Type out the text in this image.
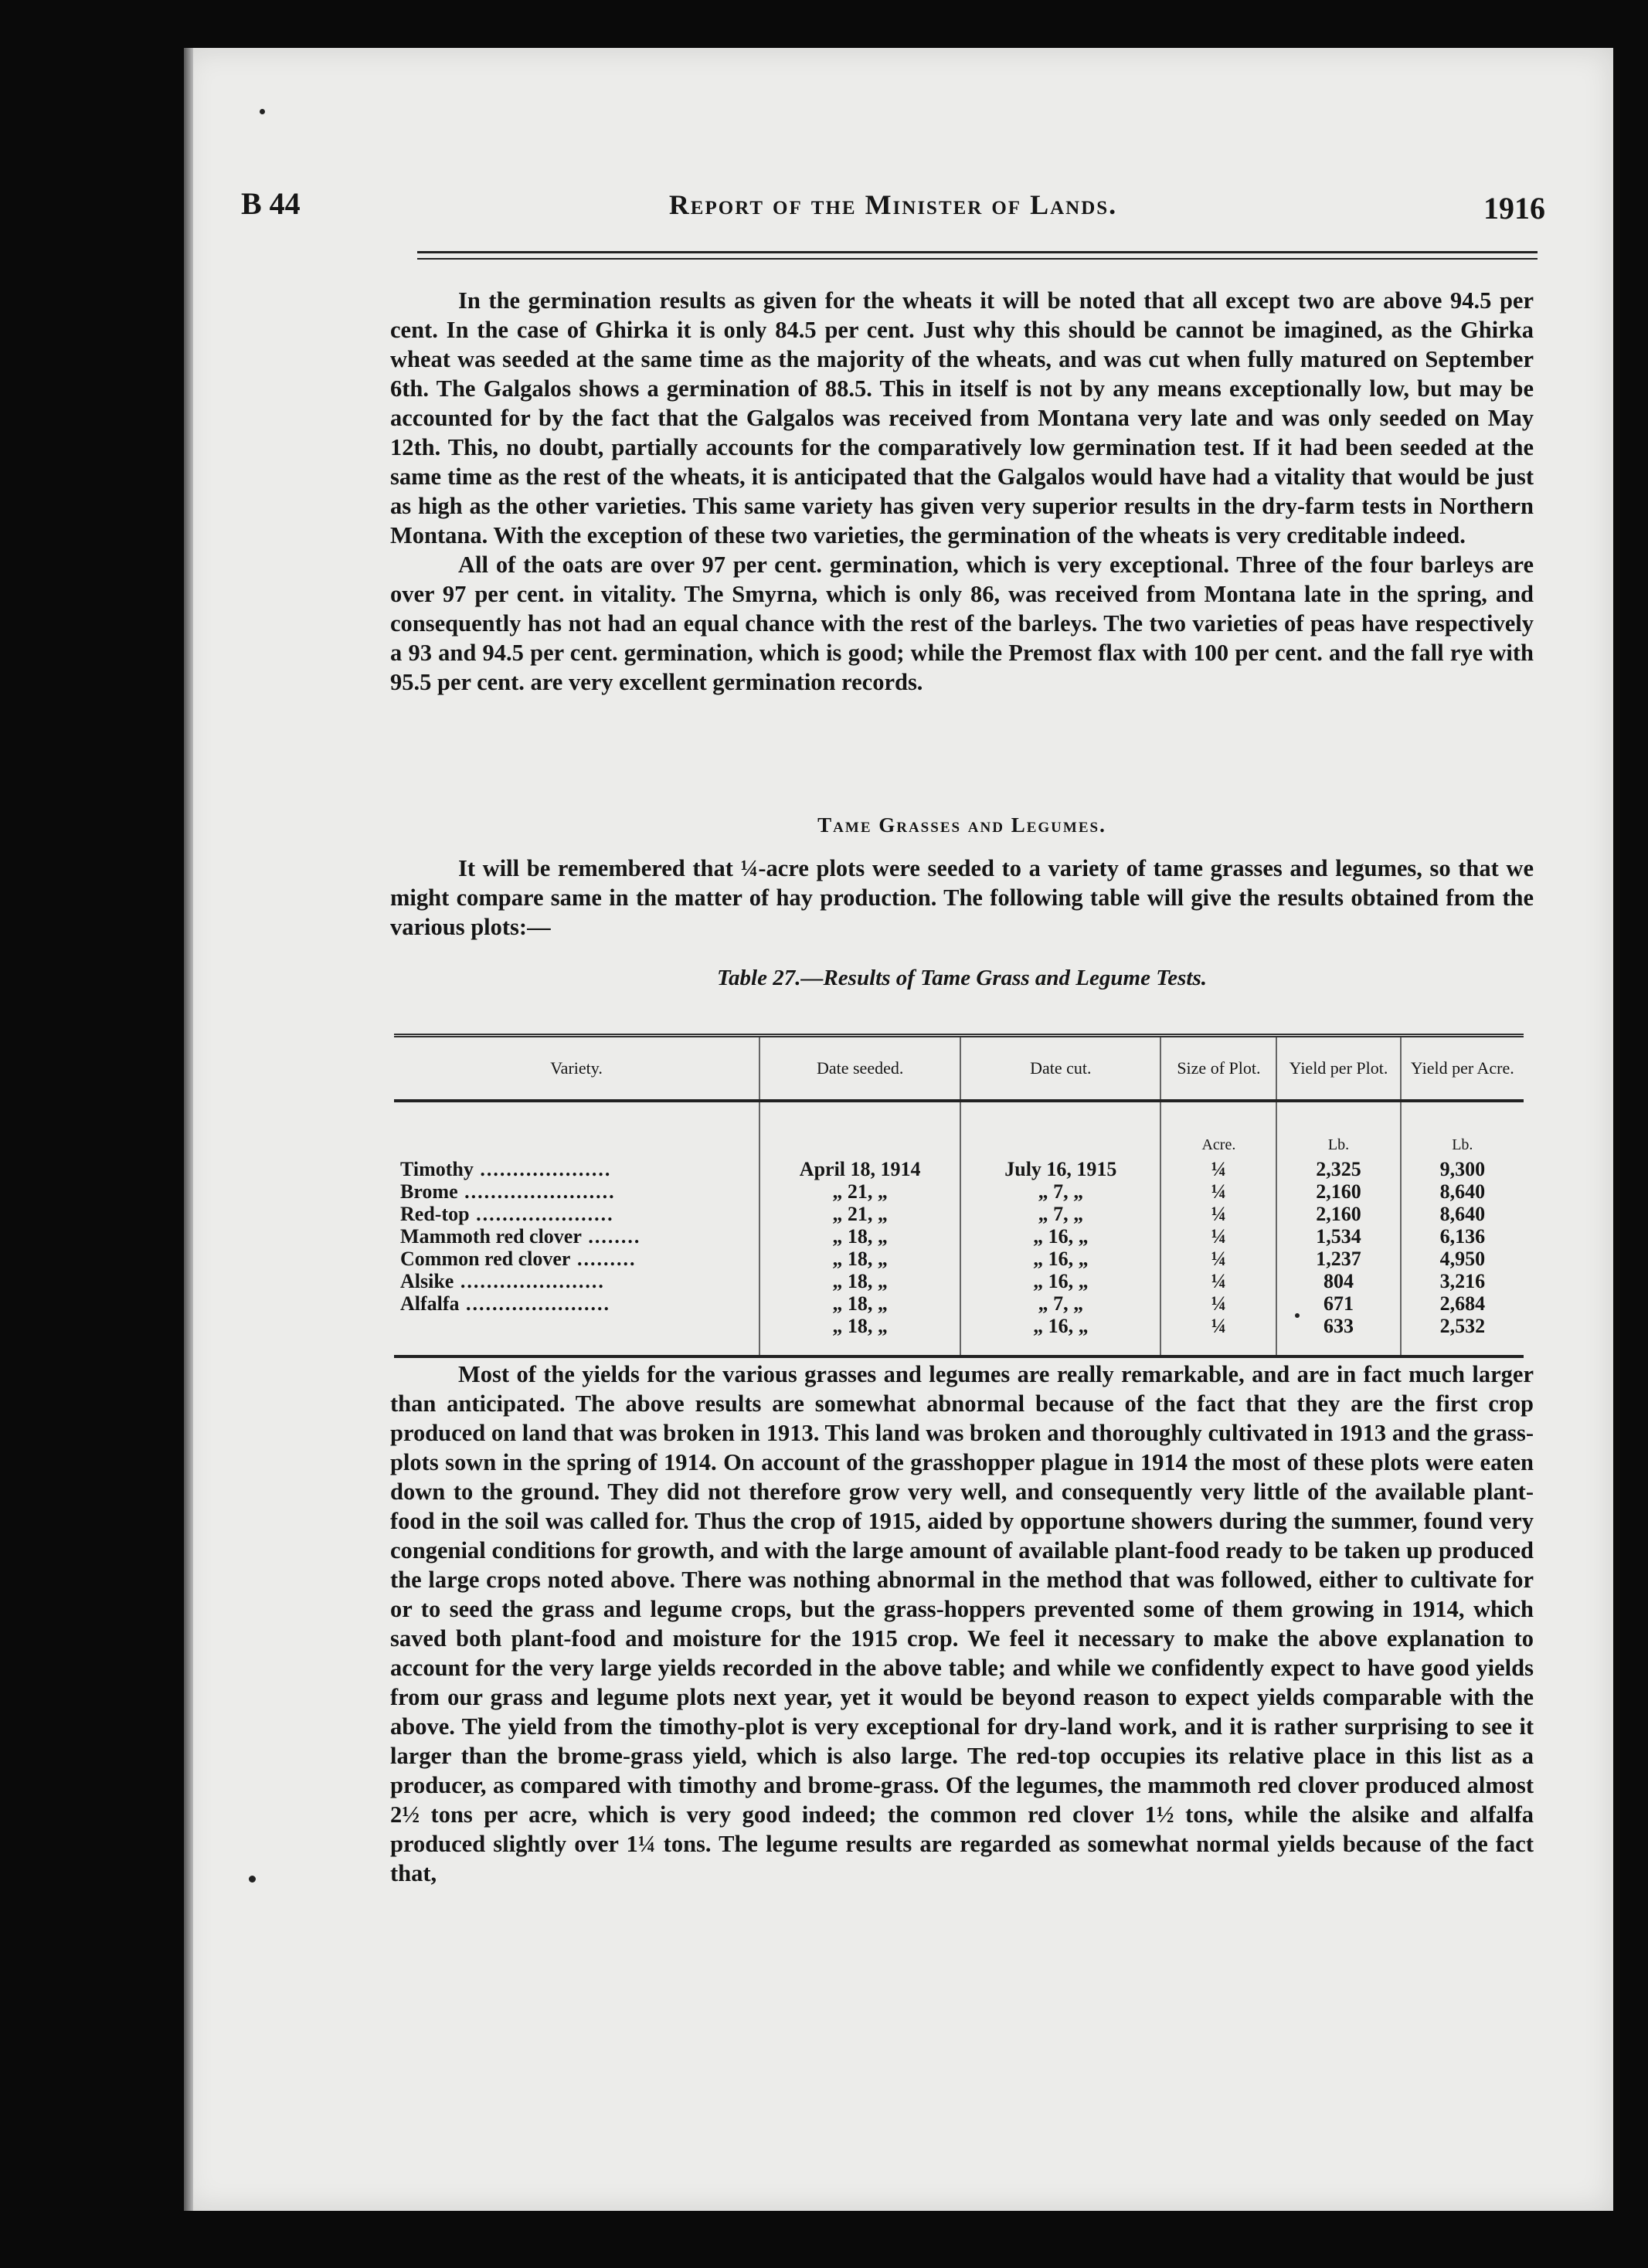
B 44	Report of the Minister of Lands.	1916

In the germination results as given for the wheats it will be noted that all except two are above 94.5 per cent. In the case of Ghirka it is only 84.5 per cent. Just why this should be cannot be imagined, as the Ghirka wheat was seeded at the same time as the majority of the wheats, and was cut when fully matured on September 6th. The Galgalos shows a germination of 88.5. This in itself is not by any means exceptionally low, but may be accounted for by the fact that the Galgalos was received from Montana very late and was only seeded on May 12th. This, no doubt, partially accounts for the comparatively low germination test. If it had been seeded at the same time as the rest of the wheats, it is anticipated that the Galgalos would have had a vitality that would be just as high as the other varieties. This same variety has given very superior results in the dry-farm tests in Northern Montana. With the exception of these two varieties, the germination of the wheats is very creditable indeed.

All of the oats are over 97 per cent. germination, which is very exceptional. Three of the four barleys are over 97 per cent. in vitality. The Smyrna, which is only 86, was received from Montana late in the spring, and consequently has not had an equal chance with the rest of the barleys. The two varieties of peas have respectively a 93 and 94.5 per cent. germination, which is good; while the Premost flax with 100 per cent. and the fall rye with 95.5 per cent. are very excellent germination records.

Tame Grasses and Legumes.

It will be remembered that ¼-acre plots were seeded to a variety of tame grasses and legumes, so that we might compare same in the matter of hay production. The following table will give the results obtained from the various plots:—

Table 27.—Results of Tame Grass and Legume Tests.
Variety.	Date seeded.	Date cut.	Size of Plot.	Yield per Plot.	Yield per Acre.
			Acre.	Lb.	Lb.
Timothy ....................	April 18, 1914	July 16, 1915	¼	2,325	9,300
Brome .......................	„ 21, „	„ 7, „	¼	2,160	8,640
Red-top .....................	„ 21, „	„ 7, „	¼	2,160	8,640
Mammoth red clover ........	„ 18, „	„ 16, „	¼	1,534	6,136
Common red clover .........	„ 18, „	„ 16, „	¼	1,237	4,950
Alsike ......................	„ 18, „	„ 16, „	¼	804	3,216
Alfalfa ......................	„ 18, „	„ 7, „	¼	671	2,684
	„ 18, „	„ 16, „	¼	633	2,532

Most of the yields for the various grasses and legumes are really remarkable, and are in fact much larger than anticipated. The above results are somewhat abnormal because of the fact that they are the first crop produced on land that was broken in 1913. This land was broken and thoroughly cultivated in 1913 and the grass-plots sown in the spring of 1914. On account of the grasshopper plague in 1914 the most of these plots were eaten down to the ground. They did not therefore grow very well, and consequently very little of the available plant-food in the soil was called for. Thus the crop of 1915, aided by opportune showers during the summer, found very congenial conditions for growth, and with the large amount of available plant-food ready to be taken up produced the large crops noted above. There was nothing abnormal in the method that was followed, either to cultivate for or to seed the grass and legume crops, but the grass-hoppers prevented some of them growing in 1914, which saved both plant-food and moisture for the 1915 crop. We feel it necessary to make the above explanation to account for the very large yields recorded in the above table; and while we confidently expect to have good yields from our grass and legume plots next year, yet it would be beyond reason to expect yields comparable with the above. The yield from the timothy-plot is very exceptional for dry-land work, and it is rather surprising to see it larger than the brome-grass yield, which is also large. The red-top occupies its relative place in this list as a producer, as compared with timothy and brome-grass. Of the legumes, the mammoth red clover produced almost 2½ tons per acre, which is very good indeed; the common red clover 1½ tons, while the alsike and alfalfa produced slightly over 1¼ tons. The legume results are regarded as somewhat normal yields because of the fact that,
